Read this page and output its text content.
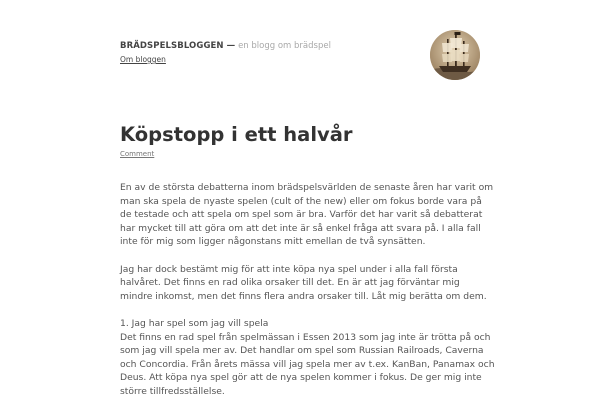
BRÄDSPELSBLOGGEN — en blogg om brädspel
Om bloggen
Köpstopp i ett halvår
Comment

En av de största debatterna inom brädspelsvärlden de senaste åren har varit om
man ska spela de nyaste spelen (cult of the new) eller om fokus borde vara på
de testade och att spela om spel som är bra. Varför det har varit så debatterat
har mycket till att göra om att det inte är så enkel fråga att svara på. I alla fall
inte för mig som ligger någonstans mitt emellan de två synsätten.

Jag har dock bestämt mig för att inte köpa nya spel under i alla fall första
halvåret. Det finns en rad olika orsaker till det. En är att jag förväntar mig
mindre inkomst, men det finns flera andra orsaker till. Låt mig berätta om dem.

1. Jag har spel som jag vill spela
Det finns en rad spel från spelmässan i Essen 2013 som jag inte är trötta på och
som jag vill spela mer av. Det handlar om spel som Russian Railroads, Caverna
och Concordia. Från årets mässa vill jag spela mer av t.ex. KanBan, Panamax och
Deus. Att köpa nya spel gör att de nya spelen kommer i fokus. De ger mig inte
större tillfredsställelse.
